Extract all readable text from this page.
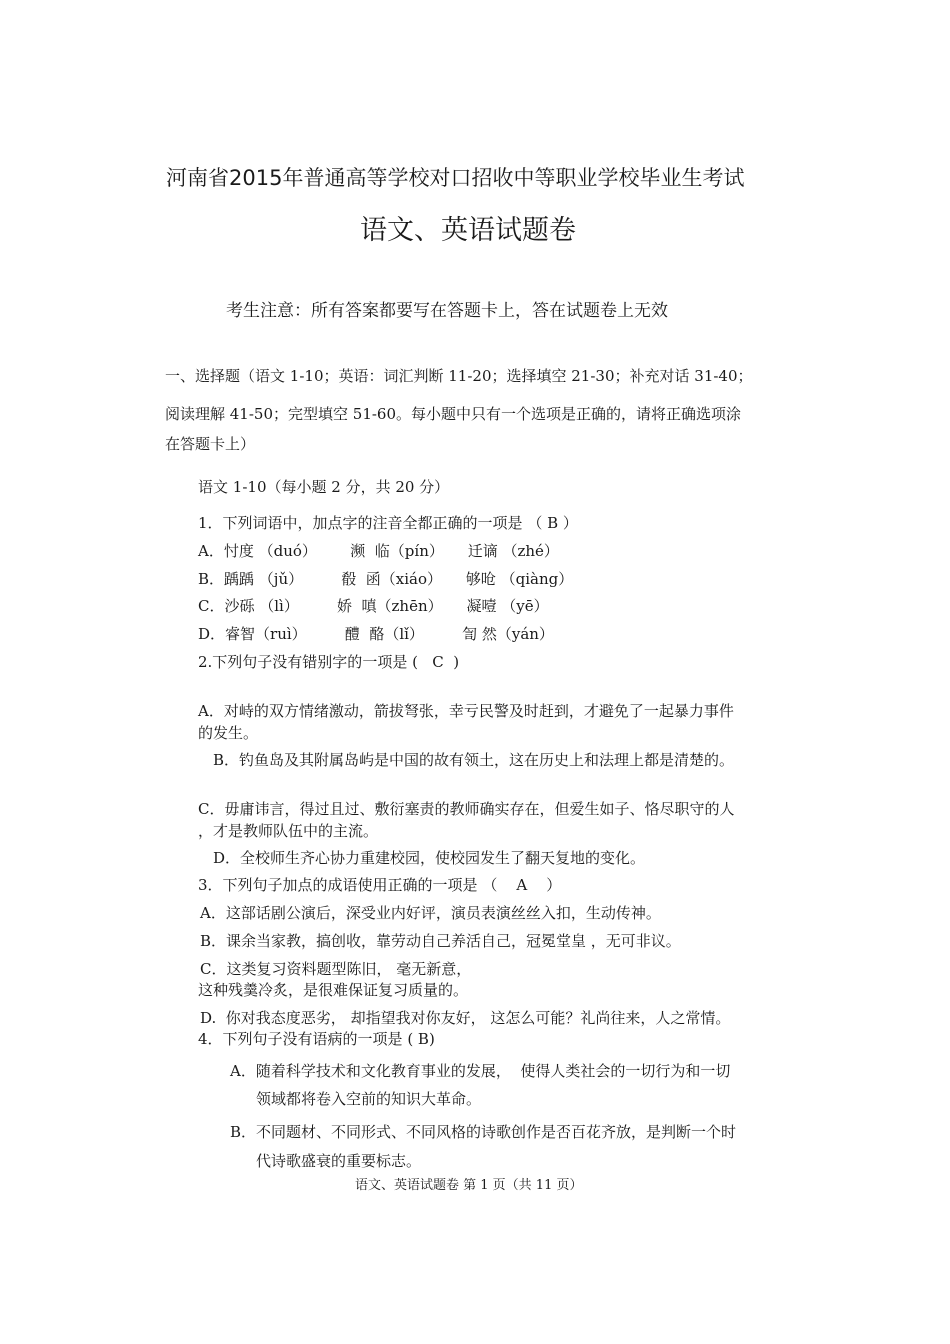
河南省2015年普通高等学校对口招收中等职业学校毕业生考试
语文、英语试题卷
考生注意：所有答案都要写在答题卡上，答在试题卷上无效
一、选择题（语文 1-10；英语：词汇判断 11-20；选择填空 21-30；补充对话 31-40；
阅读理解 41-50；完型填空 51-60。每小题中只有一个选项是正确的，请将正确选项涂
在答题卡上）
语文 1-10（每小题 2 分，共 20 分）
1．下列词语中，加点字的注音全都正确的一项是 （ B ）
A．忖度 （duó）       濒  临（pín）     迁谪 （zhé）
B．踽踽 （jǔ）        殽  函（xiáo）     够呛 （qiàng）
C．沙砾 （lì）        娇  嗔（zhēn）     凝噎 （yē）
D．睿智（ruì）        醴  酪（lǐ）        訇 然（yán）
2.下列句子没有错别字的一项是 (   C  )
A．对峙的双方情绪激动，箭拔弩张，幸亏民警及时赶到，才避免了一起暴力事件
的发生。
B．钓鱼岛及其附属岛屿是中国的故有领土，这在历史上和法理上都是清楚的。
C．毋庸讳言，得过且过、敷衍塞责的教师确实存在，但爱生如子、恪尽职守的人
，才是教师队伍中的主流。
D．全校师生齐心协力重建校园，使校园发生了翻天复地的变化。
3．下列句子加点的成语使用正确的一项是 （    A    ）
A．这部话剧公演后，深受业内好评，演员表演丝丝入扣，生动传神。
B．课余当家教，搞创收，靠劳动自己养活自己，冠冕堂皇 ，无可非议。
C．这类复习资料题型陈旧， 毫无新意，
这种残羹冷炙，是很难保证复习质量的。
D.  你对我态度恶劣， 却指望我对你友好， 这怎么可能？礼尚往来，人之常情。
4．下列句子没有语病的一项是 ( B)
A．随着科学技术和文化教育事业的发展，  使得人类社会的一切行为和一切
领域都将卷入空前的知识大革命。
B．不同题材、不同形式、不同风格的诗歌创作是否百花齐放，是判断一个时
代诗歌盛衰的重要标志。
语文、英语试题卷 第 1 页（共 11 页）
